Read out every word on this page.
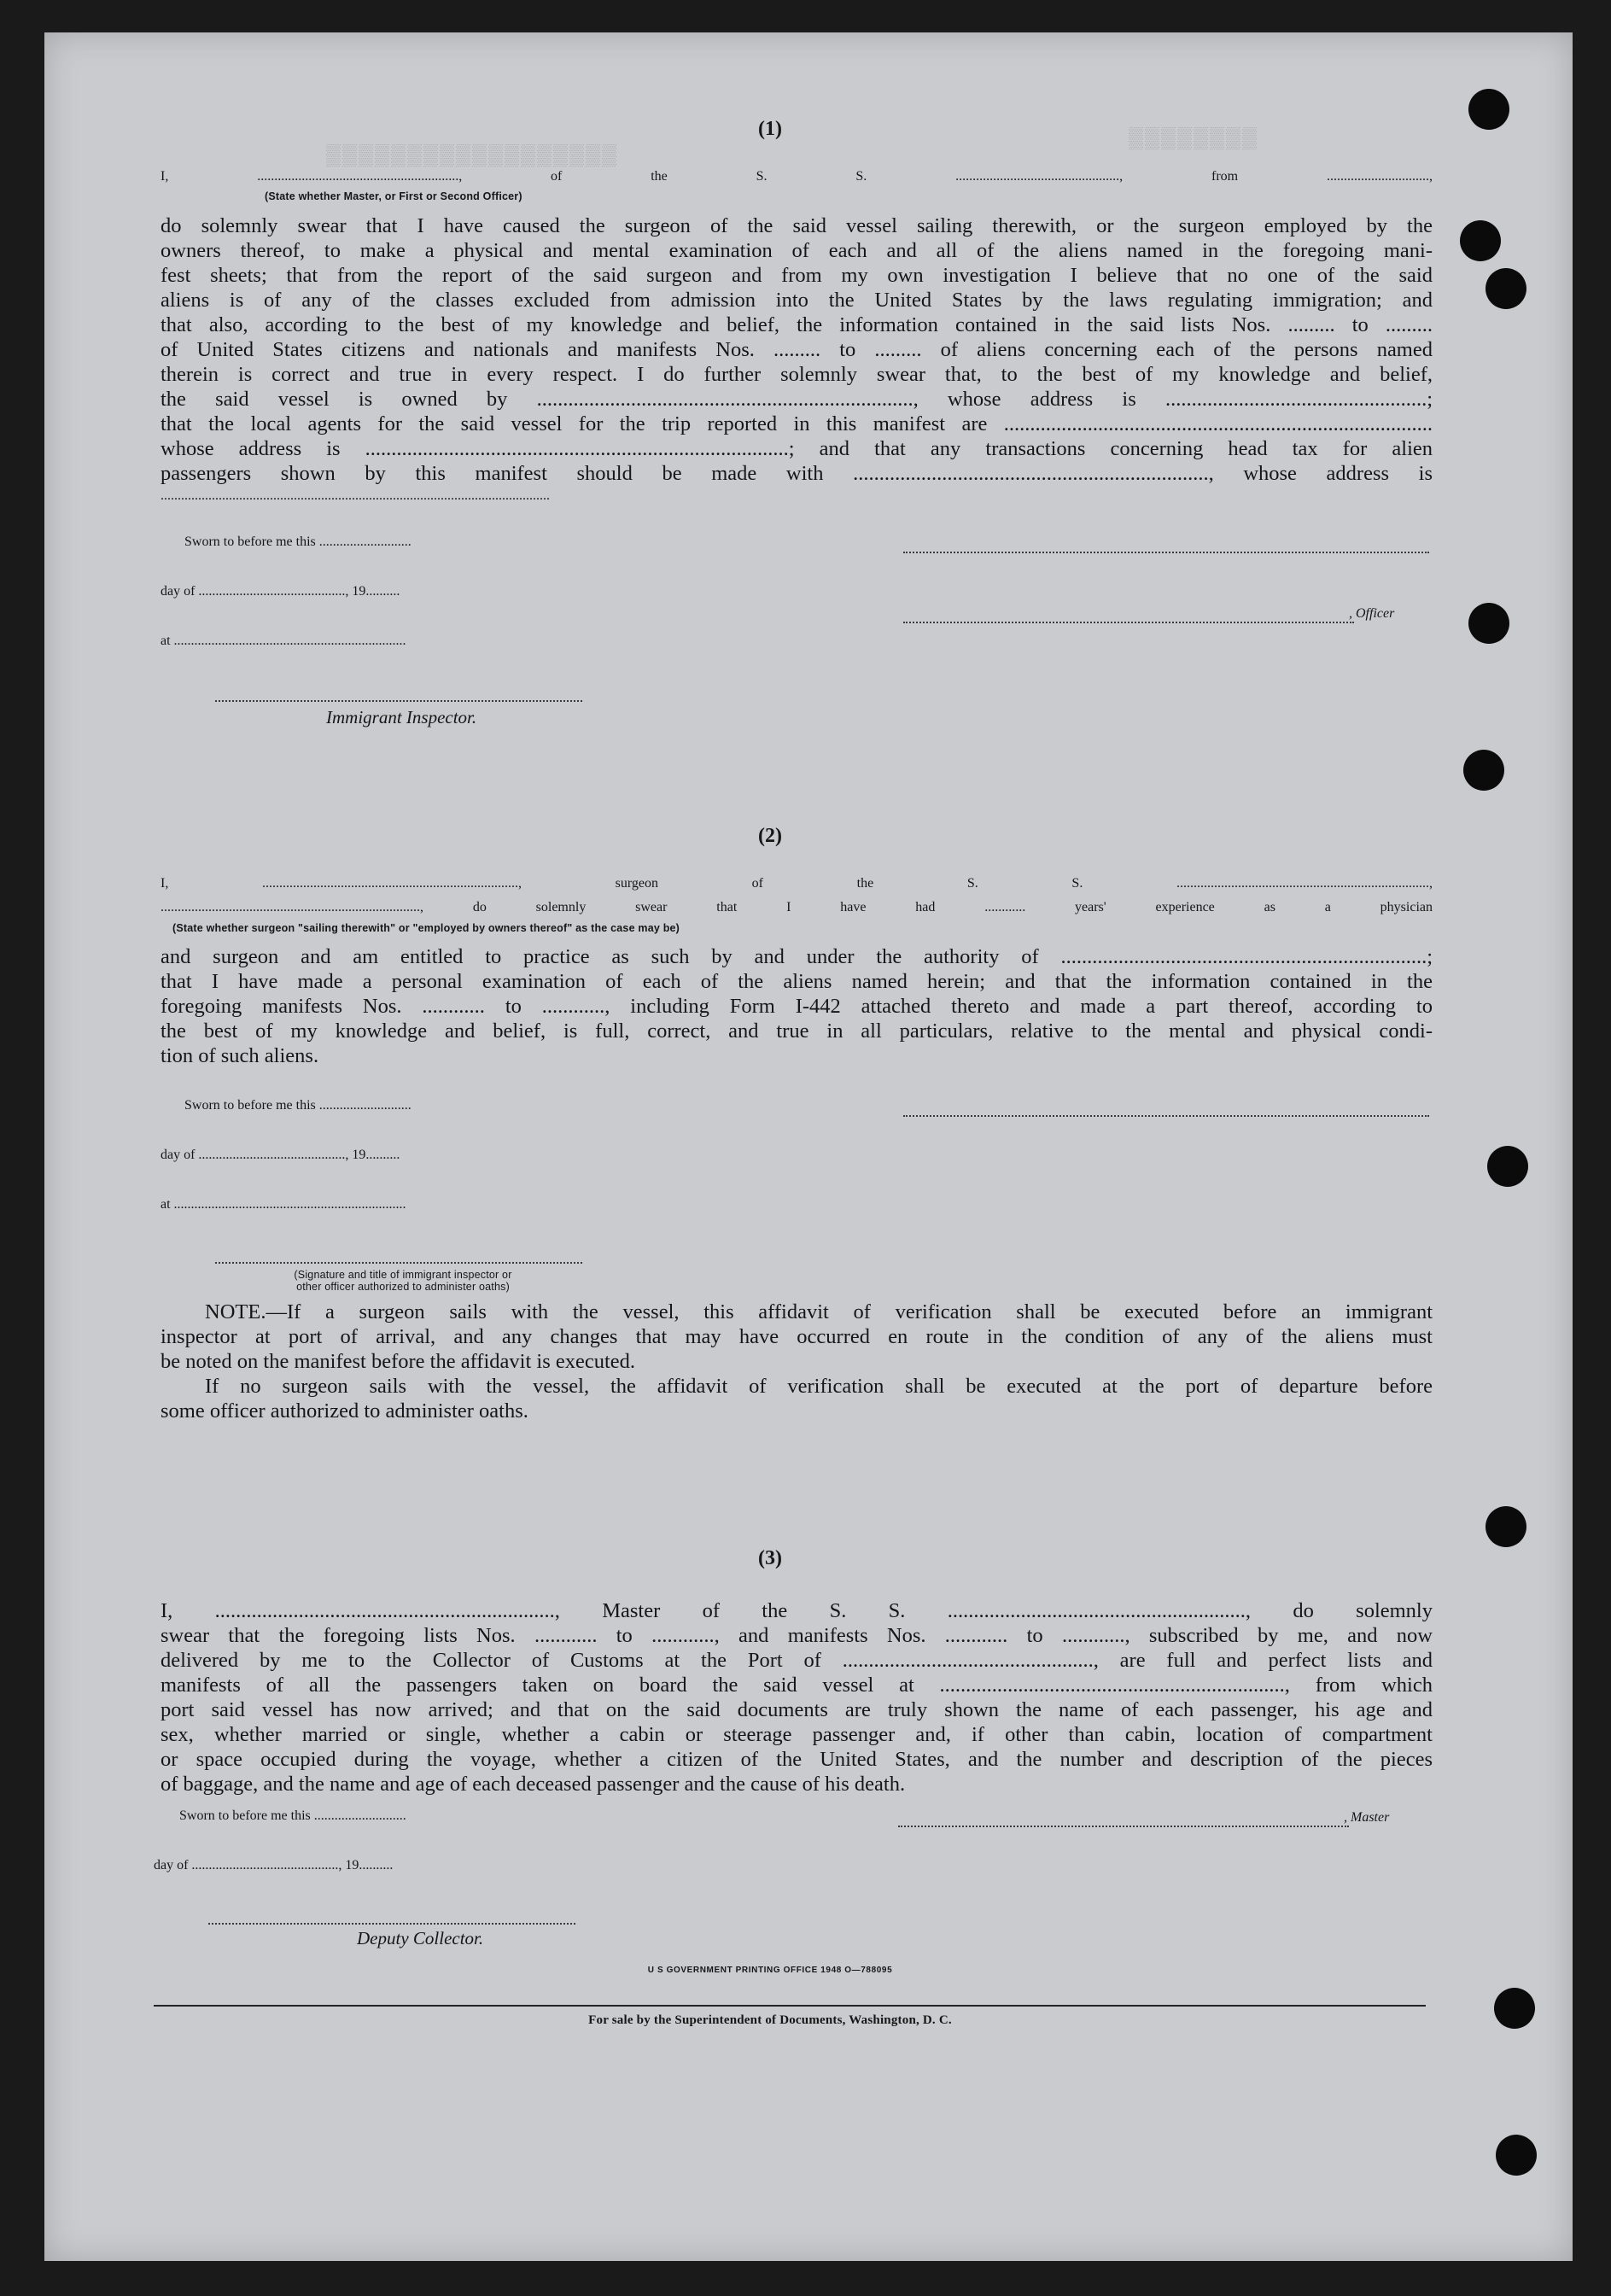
▒▒▒▒▒▒▒▒
▒▒▒▒▒▒▒▒▒▒▒▒▒▒▒▒▒▒
(1)
I, ..........................................................., of the S. S. ................................................, from ..............................,
(State whether Master, or First or Second Officer)
do solemnly swear that I have caused the surgeon of the said vessel sailing therewith, or the surgeon employed by the
owners thereof, to make a physical and mental examination of each and all of the aliens named in the foregoing mani-
fest sheets; that from the report of the said surgeon and from my own investigation I believe that no one of the said
aliens is of any of the classes excluded from admission into the United States by the laws regulating immigration; and
that also, according to the best of my knowledge and belief, the information contained in the said lists Nos. ......... to .........
of United States citizens and nationals and manifests Nos. ......... to ......... of aliens concerning each of the persons named
therein is correct and true in every respect. I do further solemnly swear that, to the best of my knowledge and belief,
the said vessel is owned by ........................................................................, whose address is ..................................................;
that the local agents for the said vessel for the trip reported in this manifest are ..................................................................................
whose address is .................................................................................; and that any transactions concerning head tax for alien
passengers shown by this manifest should be made with ...................................................................., whose address is
..................................................................................................................
Sworn to before me this ...........................
day of ..........................................., 19..........
at ....................................................................
Immigrant Inspector.
, Officer
(2)
I, ..........................................................................., surgeon of the S. S. ..........................................................................,
............................................................................, do solemnly swear that I have had ............ years' experience as a physician
(State whether surgeon "sailing therewith" or "employed by owners thereof" as the case may be)
and surgeon and am entitled to practice as such by and under the authority of ......................................................................;
that I have made a personal examination of each of the aliens named herein; and that the information contained in the
foregoing manifests Nos. ............ to ............, including Form I-442 attached thereto and made a part thereof, according to
the best of my knowledge and belief, is full, correct, and true in all particulars, relative to the mental and physical condi-
tion of such aliens.
Sworn to before me this ...........................
day of ..........................................., 19..........
at ....................................................................
(Signature and title of immigrant inspector or
other officer authorized to administer oaths)
NOTE.—If a surgeon sails with the vessel, this affidavit of verification shall be executed before an immigrant
inspector at port of arrival, and any changes that may have occurred en route in the condition of any of the aliens must
be noted on the manifest before the affidavit is executed.
If no surgeon sails with the vessel, the affidavit of verification shall be executed at the port of departure before
some officer authorized to administer oaths.
(3)
I, ................................................................., Master of the S. S. ........................................................., do solemnly
swear that the foregoing lists Nos. ............ to ............, and manifests Nos. ............ to ............, subscribed by me, and now
delivered by me to the Collector of Customs at the Port of ................................................, are full and perfect lists and
manifests of all the passengers taken on board the said vessel at .................................................................., from which
port said vessel has now arrived; and that on the said documents are truly shown the name of each passenger, his age and
sex, whether married or single, whether a cabin or steerage passenger and, if other than cabin, location of compartment
or space occupied during the voyage, whether a citizen of the United States, and the number and description of the pieces
of baggage, and the name and age of each deceased passenger and the cause of his death.
Sworn to before me this ...........................	, Master
day of ..........................................., 19..........
Deputy Collector.
U S GOVERNMENT PRINTING OFFICE 1948 O—788095
For sale by the Superintendent of Documents, Washington, D. C.
